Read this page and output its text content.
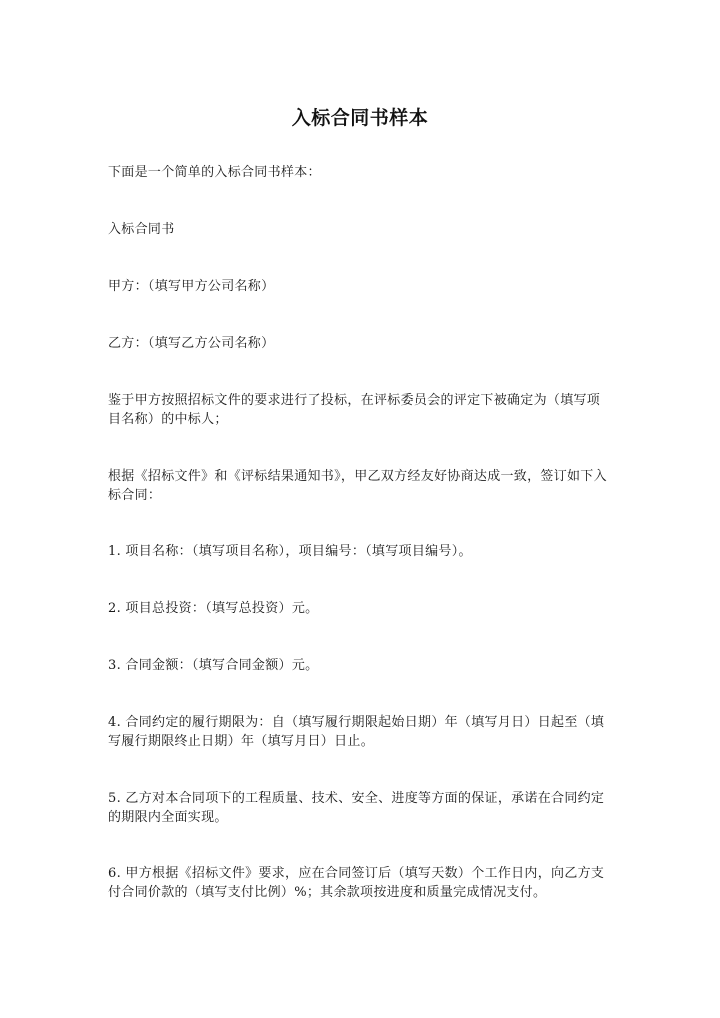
入标合同书样本
下面是一个简单的入标合同书样本：
入标合同书
甲方：（填写甲方公司名称）
乙方：（填写乙方公司名称）
鉴于甲方按照招标文件的要求进行了投标，在评标委员会的评定下被确定为（填写项目名称）的中标人；
根据《招标文件》和《评标结果通知书》，甲乙双方经友好协商达成一致，签订如下入标合同：
1. 项目名称：（填写项目名称），项目编号：（填写项目编号）。
2. 项目总投资：（填写总投资）元。
3. 合同金额：（填写合同金额）元。
4. 合同约定的履行期限为：自（填写履行期限起始日期）年（填写月日）日起至（填写履行期限终止日期）年（填写月日）日止。
5. 乙方对本合同项下的工程质量、技术、安全、进度等方面的保证，承诺在合同约定的期限内全面实现。
6. 甲方根据《招标文件》要求，应在合同签订后（填写天数）个工作日内，向乙方支付合同价款的（填写支付比例）%；其余款项按进度和质量完成情况支付。
